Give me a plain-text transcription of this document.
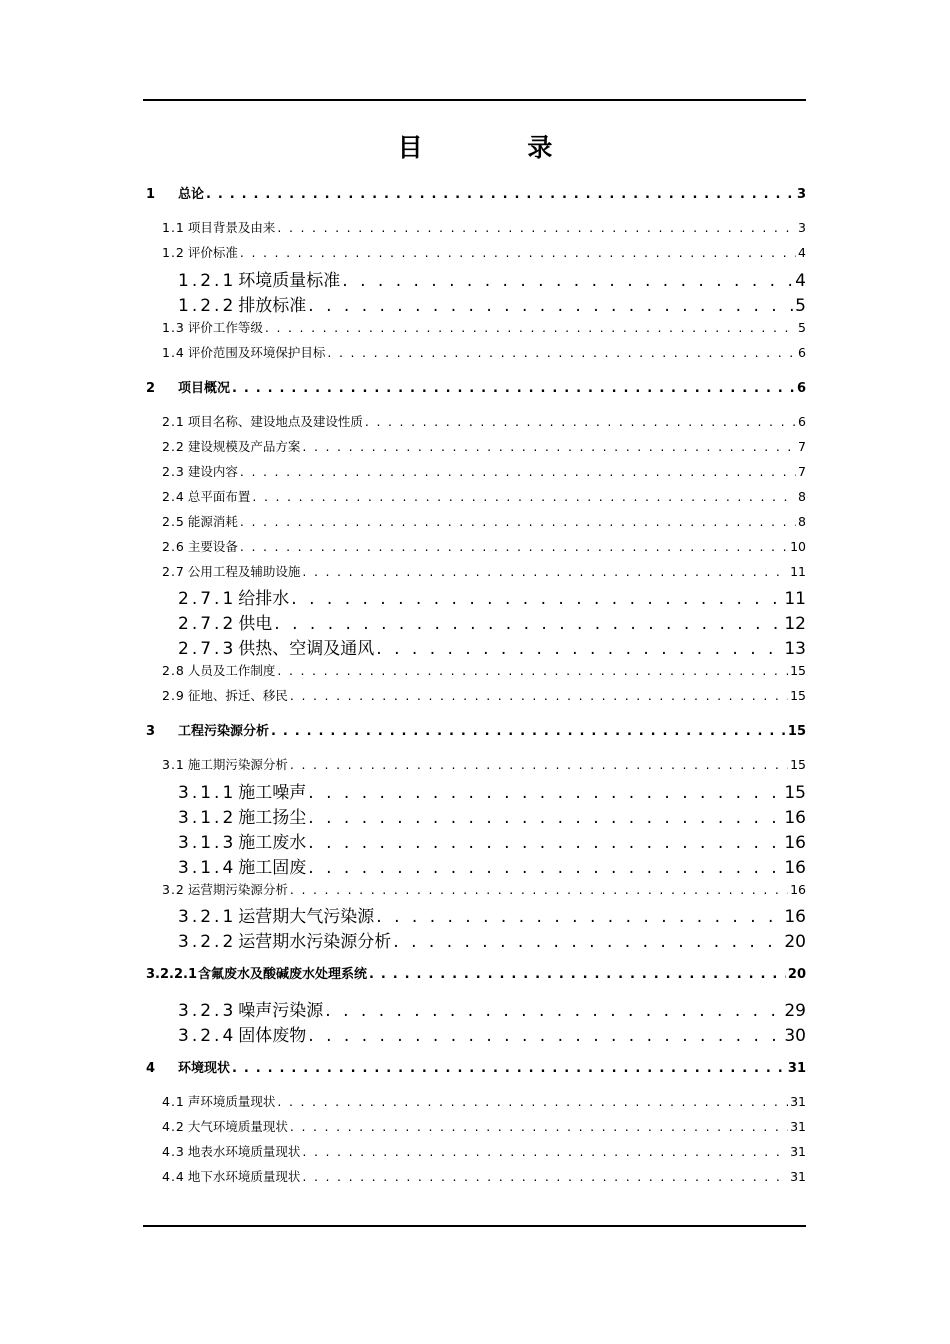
目 录
1	总论 . . .	3
1.1 项目背景及由来 . . .	3
1.2 评价标准 . . .	4
1.2.1 环境质量标准 . . .	4
1.2.2 排放标准 . . .	5
1.3 评价工作等级 . . .	5
1.4 评价范围及环境保护目标 . . .	6
2	项目概况 . . .	6
2.1 项目名称、建设地点及建设性质 . . .	6
2.2 建设规模及产品方案 . . .	7
2.3 建设内容 . . .	7
2.4 总平面布置 . . .	8
2.5 能源消耗 . . .	8
2.6 主要设备 . . .	10
2.7 公用工程及辅助设施 . . .	11
2.7.1 给排水 . . .	11
2.7.2 供电 . . .	12
2.7.3 供热、空调及通风 . . .	13
2.8 人员及工作制度 . . .	15
2.9 征地、拆迁、移民 . . .	15
3	工程污染源分析 . . .	15
3.1 施工期污染源分析 . . .	15
3.1.1 施工噪声 . . .	15
3.1.2 施工扬尘 . . .	16
3.1.3 施工废水 . . .	16
3.1.4 施工固废 . . .	16
3.2 运营期污染源分析 . . .	16
3.2.1 运营期大气污染源 . . .	16
3.2.2 运营期水污染源分析 . . .	20
3.2.2.1 含氟废水及酸碱废水处理系统 . . .	20
3.2.3 噪声污染源 . . .	29
3.2.4 固体废物 . . .	30
4	环境现状 . . .	31
4.1 声环境质量现状 . . .	31
4.2 大气环境质量现状 . . .	31
4.3 地表水环境质量现状 . . .	31
4.4 地下水环境质量现状 . . .	31
